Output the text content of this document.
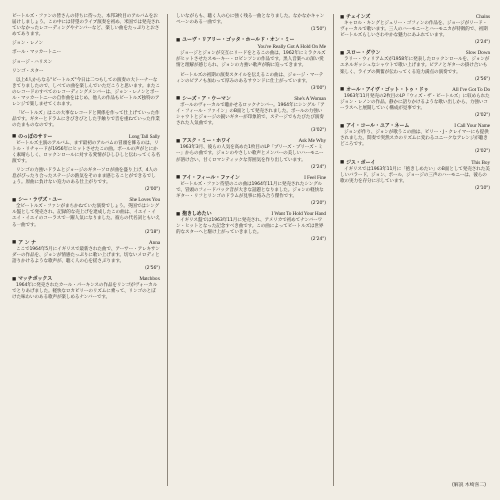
ビートルズ・ファンの皆さんの待ちに待った、本邦3枚目のアルバムをお届けしましょう。この中には待望のライブ演奏を初め、米国では発売されていなかったレコーディングやナンバーなど、楽しい曲をたっぷりとおさめてあります。

ジョン・レノン

ポール・マッカートニー

ジョージ・ハリスン

リンゴ・スター

以上4人からなる"ビートルズ"今日は二つもしての演奏の大トーナーなきてりましたので、しべての曲を楽しんでいただこうと思います。またこのレコードのすべてのレコーディングメンバーは、ジョン・レノンとポール・マッカートニーの自作曲をはじめ、他人の作品もビートルズ独特のアレンジで楽しませてくれます。

「ビートルズ」はこの大事なレコードと関係を作って仕上げていった作品です。ギターとドラムにきびきびとした手触りで音を重ねていった作業のたまものなのです。

■ のっぽのサリー	Long Tall Sally

ビートルズ主演のアルバム、まず最初のアルバムの冒頭を飾るのは、リトル・リチャードが1956年にヒットさせたこの曲。ポールの声がとにかく素晴らしく、ロックンロールに対する愛情がひしひしと伝わってくる名演です。

リンゴの力強いドラムとジョージのギターソロが曲を盛り上げ、4人の息がぴったり合ったステージの熱気をそのまま感じることができるでしょう。原曲に負けない迫力のある仕上がりです。

(2'00")
■ シー・ラヴズ・ユー	She Loves You

全ビートルズ・ファンがまちかねていた演奏でしょう。英国ではシングル盤として発売され、記録的な売上げを達成したこの曲は、イエイ・イエイ・イエイのコーラスで一躍人気になりました。彼らの代名詞ともいえる一曲です。

(2'18")
■ ア ン ナ	Anna

ここで1964年5月にイギリスで最新された曲で、アーサー・アレキサンダーの作品を、ジョンが情感たっぷりに歌い上げます。切ないメロディと語りかけるような歌声が、聴く人の心を揺さぶります。

(2'56")
■ マッチボックス	Matchbox

1964年に発売されたカール・パーキンスの作品をリンゴがヴォーカルでとりあげました。軽快なロカビリーのリズムに乗って、リンゴのとぼけた味わいのある歌声が楽しめるナンバーです。

しいながらも、聴く人の心に強く残る一曲となりました。なかなかキャンペーンのある一曲です。

(1'50")
■ ユーヴ・リアリー・ゴッタ・ホールド・オン・ミー
You've Really Got A Hold On Me

ジョージとジョンが交互にリードをとるこの曲は、1962年にミラクルズがヒットさせたスモーキー・ロビンソンの作品です。黒人音楽への深い愛情と理解が感じられ、ジョンの力強い歌声が胸に迫ってきます。

ビートルズの初期の演奏スタイルを伝えるこの曲は、ジョージ・マーティンのピアノも加わって厚みのあるサウンドに仕上がっています。

(3'00")
■ シーズ・ア・ウーマン	She's A Woman

ポールのヴォーカルで聴かせるロックナンバー。1964年にシングル「アイ・フィール・ファイン」のB面として発売されました。ポールの力強いシャウトとジョージの鋭いギターが印象的で、ステージでもたびたび演奏された人気曲です。

(3'02")
■ アスク・ミー・ホワイ	Ask Me Why

1963年3月、彼らの人気を高めた1枚目のLP「プリーズ・プリーズ・ミー」からの曲です。ジョンのやさしい歌声とメンバーの美しいハーモニーが溶け合い、甘くロマンティックな雰囲気を作り出しています。

(2'24")
■ アイ・フィール・ファイン	I Feel Fine

ビートルズ・ファン待望のこの曲は1964年11月に発売されたシングルで、冒頭のフィードバック音が大きな話題となりました。ジョンの軽快なギター・リフとリンゴのドラムが見事に絡み合う傑作です。

(2'20")
■ 抱きしめたい	I Want To Hold Your Hand

イギリス盤では1963年11月に発売され、アメリカで初めてナンバーワン・ヒットとなった記念すべき曲です。この曲によってビートルズは世界的なスターへと駆け上がっていきました。

(2'24")
■ チェインズ	Chains

キャロル・キングとジェリー・ゴフィンの作品を、ジョージがリード・ヴォーカルで歌います。三人のハーモニーとハーモニカが特徴的で、初期ビートルズらしいさわやかな魅力にあふれています。

(2'24")
■ スロー・ダウン	Slow Down

ラリー・ウィリアムズが1958年に発表したロックンロールを、ジョンがエネルギッシュなシャウトで歌い上げます。ピアノとギターの掛け合いも楽しく、ライブの興奮が伝わってくる迫力満点の演奏です。

(2'56")
■ オール・アイヴ・ゴット・トゥ・ドゥ	All I've Got To Do

1963年11月発売の2枚目のLP「ウィズ・ザ・ビートルズ」に収められたジョン・レノンの作品。静かに語りかけるような歌い出しから、力強いコーラスへと展開していく構成が見事です。

(2'02")
■ アイ・コール・ユア・ネーム	I Call Your Name

ジョンが作り、ジョンが歌うこの曲は、ビリー・J・クレイマーにも提供されました。間奏で突然スカのリズムに変わるユニークなアレンジが聴きどころです。

(2'02")
■ ジス・ボーイ	This Boy

イギリスでは1963年11月に「抱きしめたい」のB面として発売された美しいバラード。ジョン、ポール、ジョージの三声のハーモニーは、彼らの歌の実力を存分に示しています。

(2'10")
(解説 木崎喜二)
